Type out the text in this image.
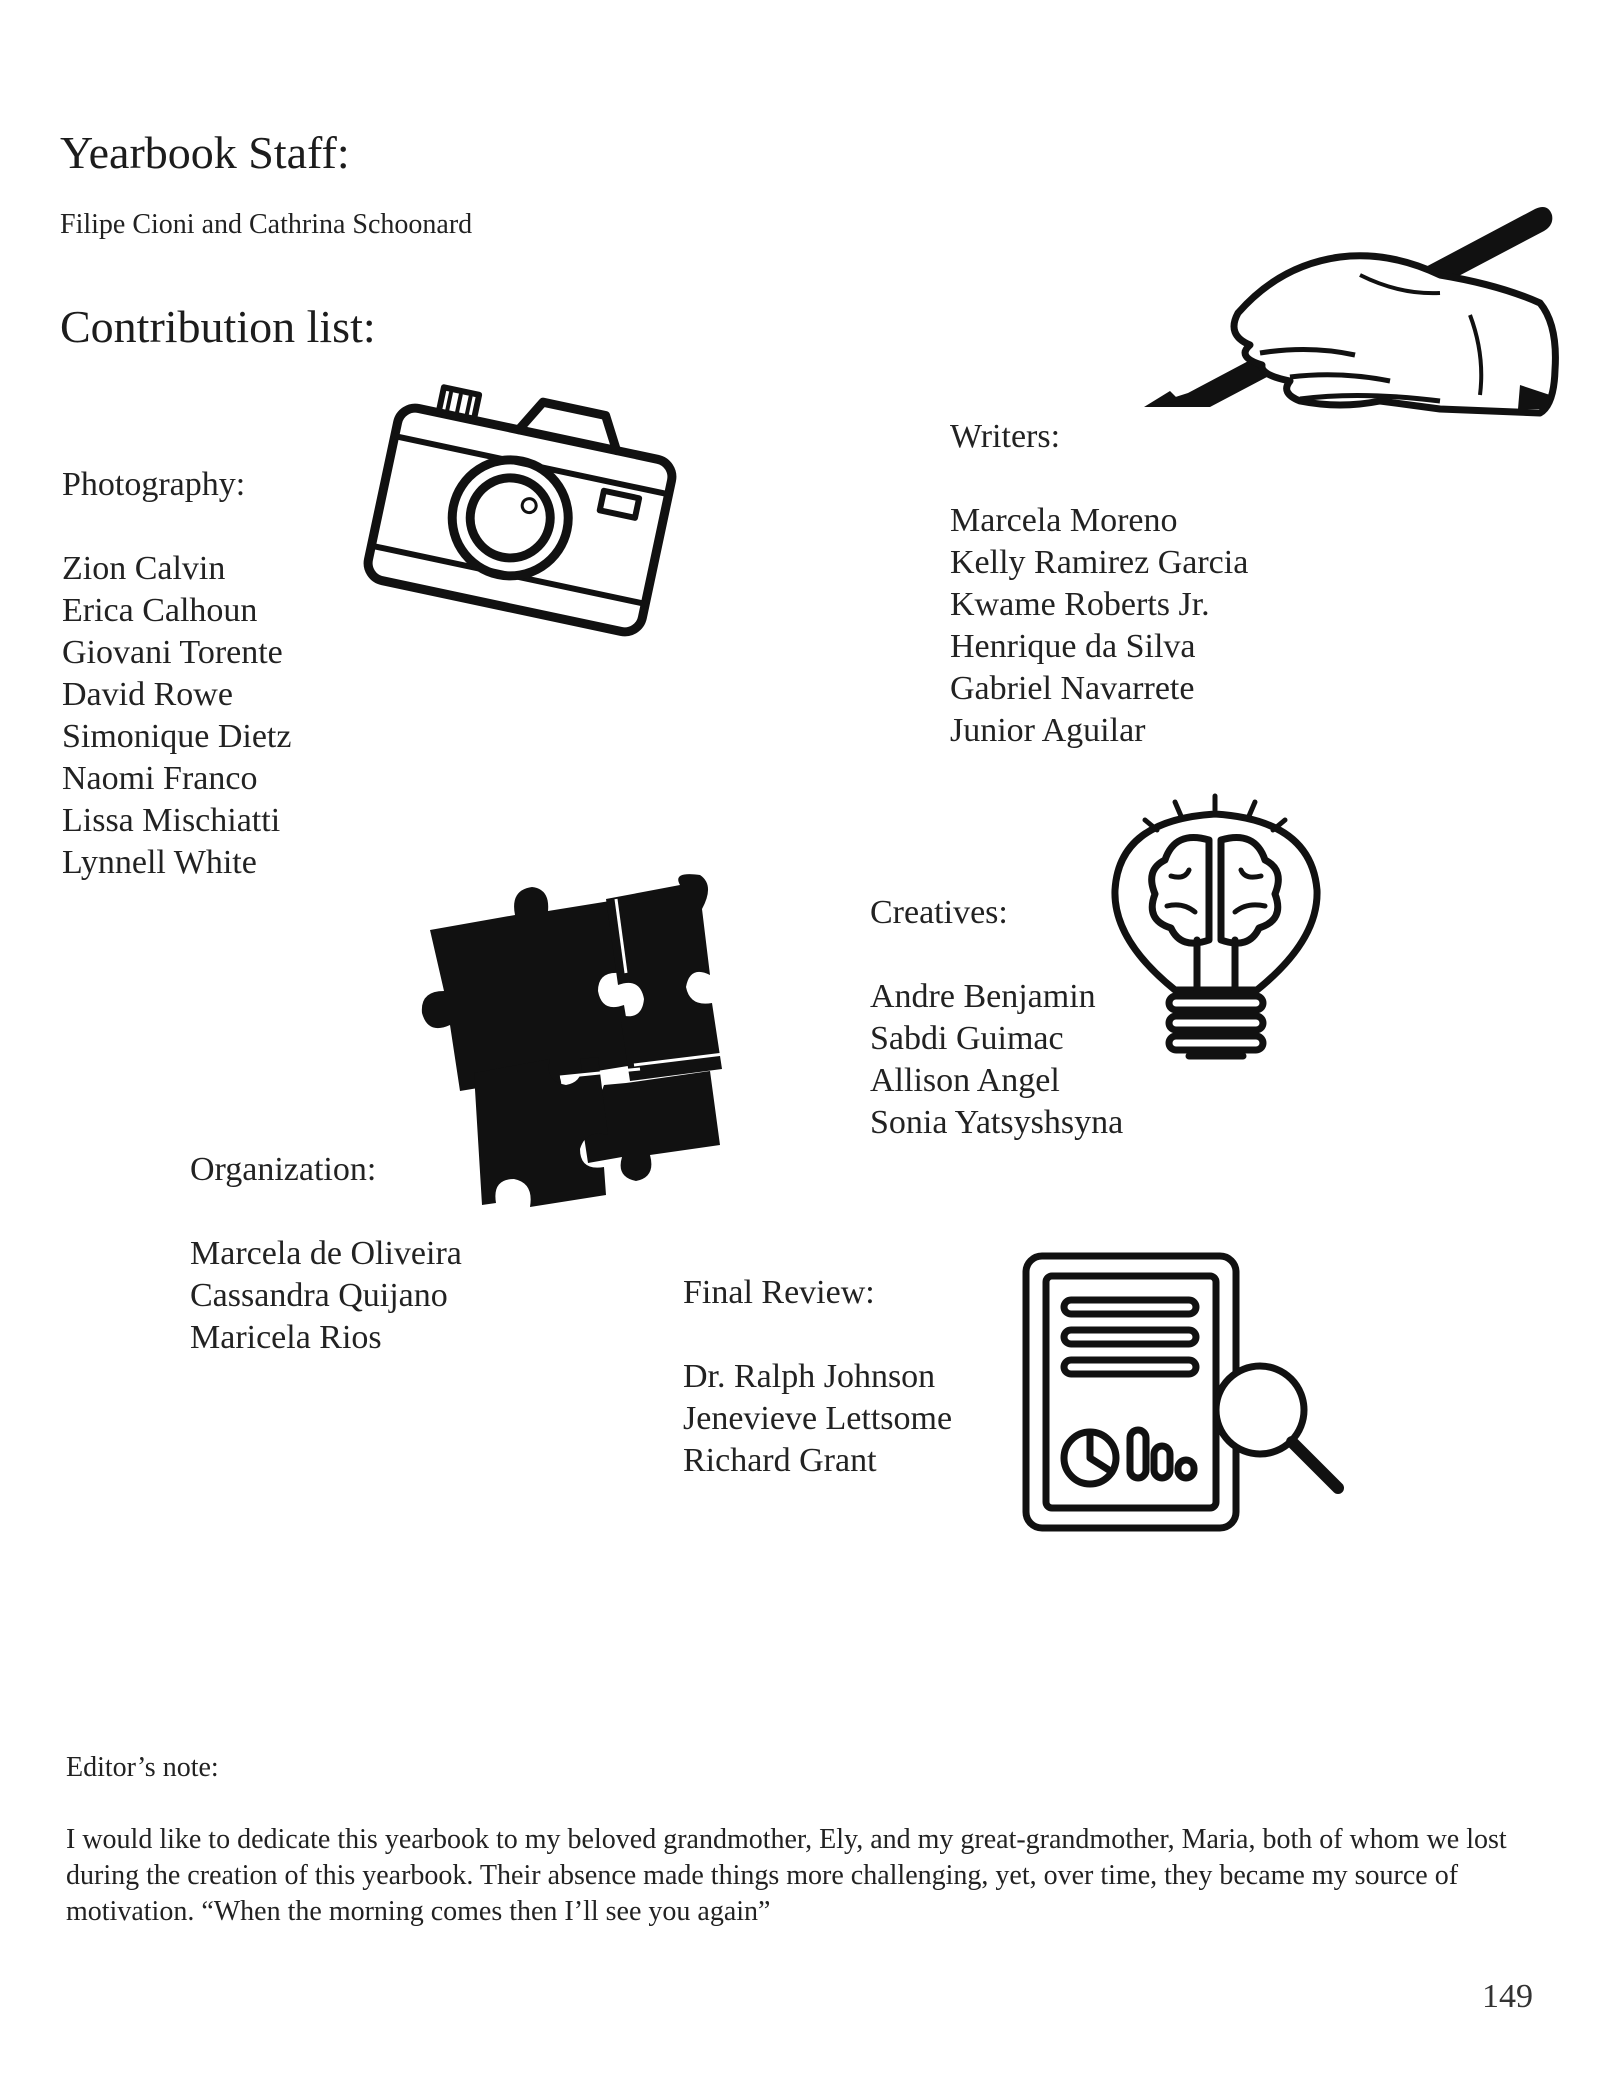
Yearbook Staff:
Filipe Cioni and Cathrina Schoonard
Contribution list:
Photography:
Zion Calvin
Erica Calhoun
Giovani Torente
David Rowe
Simonique Dietz
Naomi Franco
Lissa Mischiatti
Lynnell White
Writers:
Marcela Moreno
Kelly Ramirez Garcia
Kwame Roberts Jr.
Henrique da Silva
Gabriel Navarrete
Junior Aguilar
Creatives:
Andre Benjamin
Sabdi Guimac
Allison Angel
Sonia Yatsyshsyna
Organization:
Marcela de Oliveira
Cassandra Quijano
Maricela Rios
Final Review:
Dr. Ralph Johnson
Jenevieve Lettsome
Richard Grant
Editor’s note:
I would like to dedicate this yearbook to my beloved grandmother, Ely, and my great-grandmother, Maria, both of whom we lost during the creation of this yearbook. Their absence made things more challenging, yet, over time, they became my source of motivation. “When the morning comes then I’ll see you again”
149
